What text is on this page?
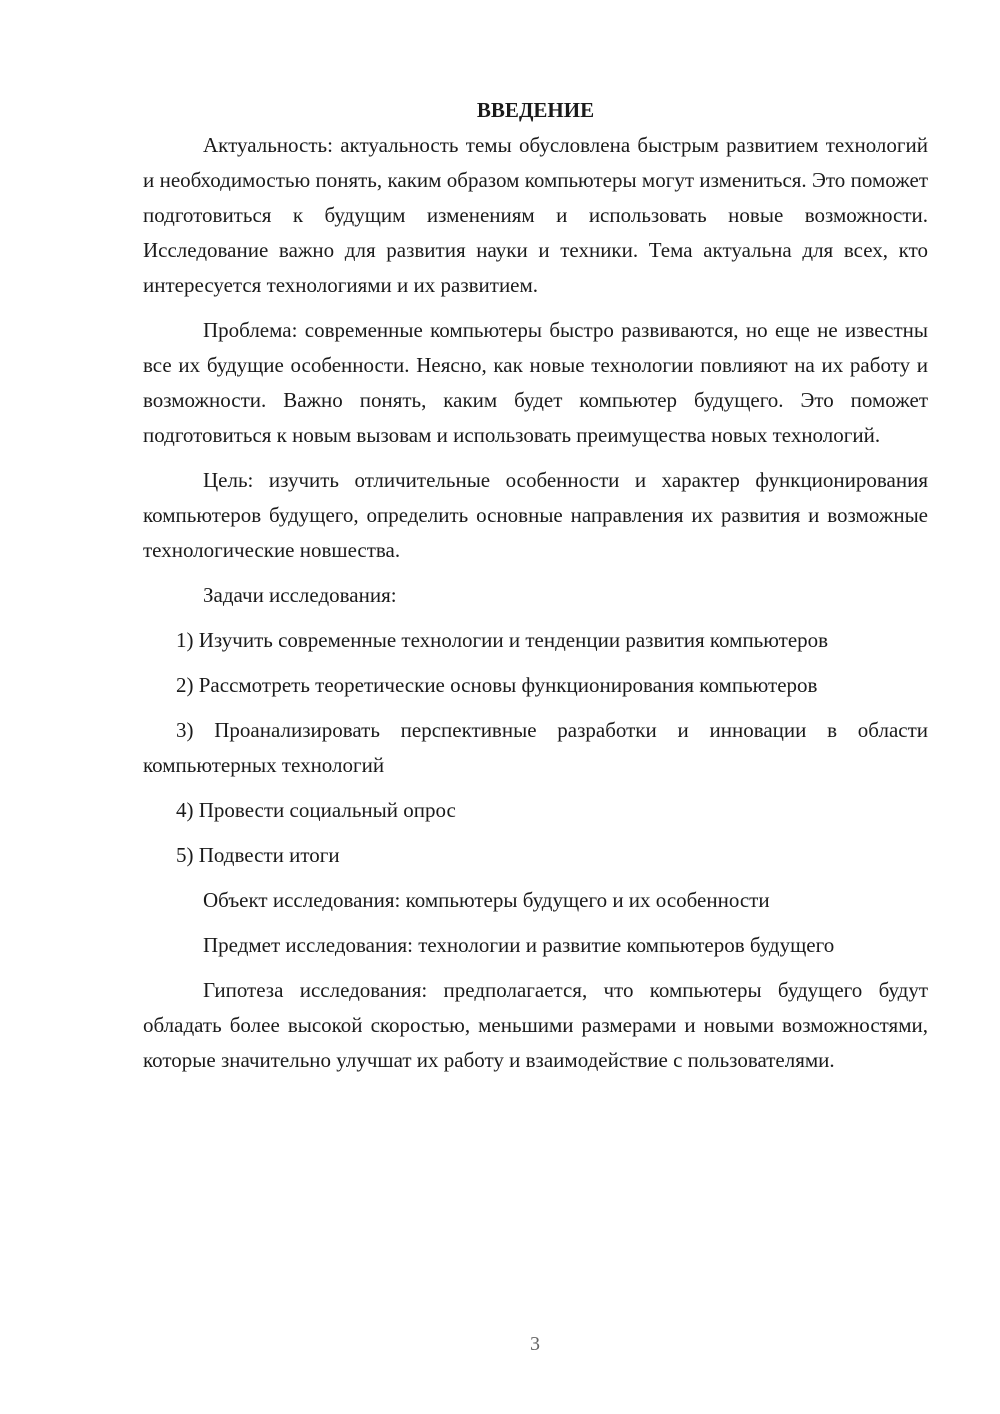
ВВЕДЕНИЕ

Актуальность: актуальность темы обусловлена быстрым развитием технологий и необходимостью понять, каким образом компьютеры могут измениться. Это поможет подготовиться к будущим изменениям и использовать новые возможности. Исследование важно для развития науки и техники. Тема актуальна для всех, кто интересуется технологиями и их развитием.

Проблема: современные компьютеры быстро развиваются, но еще не известны все их будущие особенности. Неясно, как новые технологии повлияют на их работу и возможности. Важно понять, каким будет компьютер будущего. Это поможет подготовиться к новым вызовам и использовать преимущества новых технологий.

Цель: изучить отличительные особенности и характер функционирования компьютеров будущего, определить основные направления их развития и возможные технологические новшества.

Задачи исследования:

1) Изучить современные технологии и тенденции развития компьютеров

2) Рассмотреть теоретические основы функционирования компьютеров

3) Проанализировать перспективные разработки и инновации в области компьютерных технологий

4) Провести социальный опрос

5) Подвести итоги

Объект исследования: компьютеры будущего и их особенности

Предмет исследования: технологии и развитие компьютеров будущего

Гипотеза исследования: предполагается, что компьютеры будущего будут обладать более высокой скоростью, меньшими размерами и новыми возможностями, которые значительно улучшат их работу и взаимодействие с пользователями.

3
